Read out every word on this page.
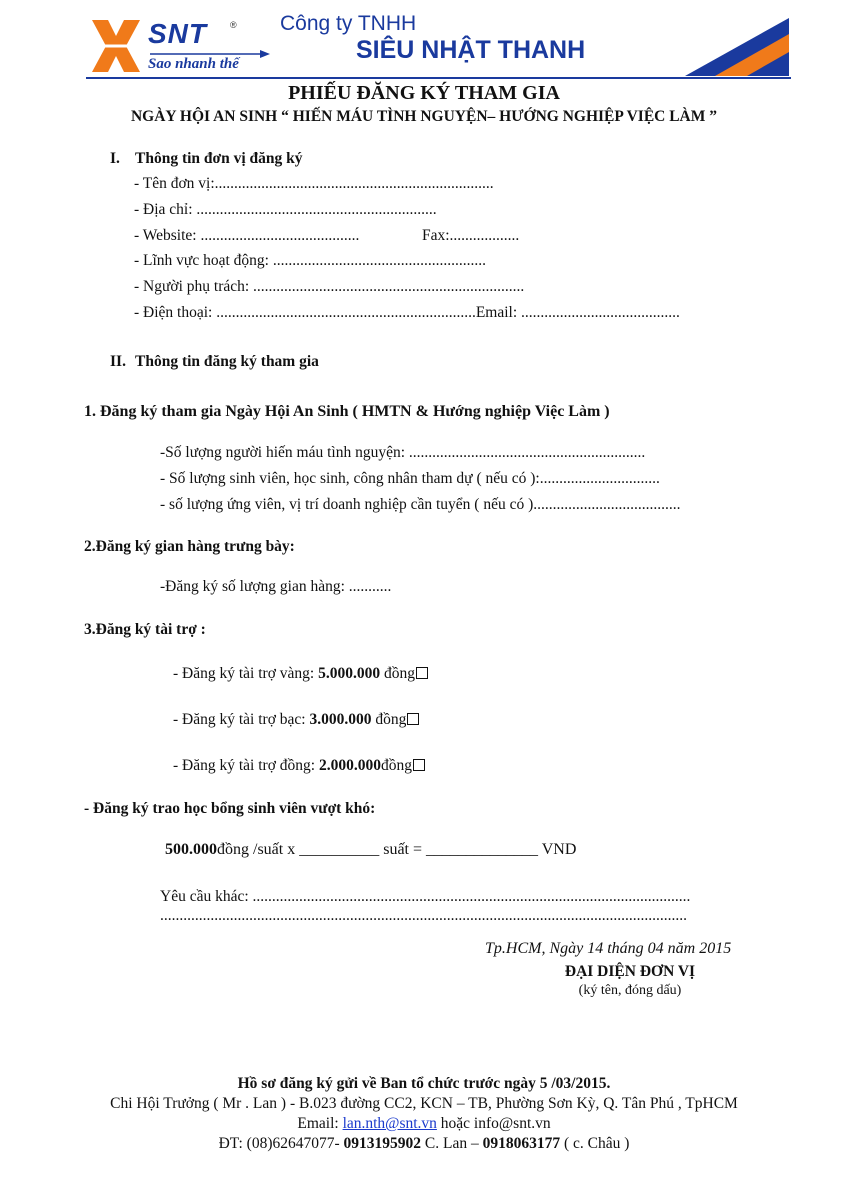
SNT	®
Sao nhanh thế
Công ty TNHH
SIÊU NHẬT THANH
PHIẾU ĐĂNG KÝ THAM GIA
NGÀY HỘI AN SINH “ HIẾN MÁU TÌNH NGUYỆN– HƯỚNG NGHIỆP VIỆC LÀM ”
I. Thông tin đơn vị đăng ký
- Tên đơn vị:........................................................................
- Địa chỉ: ..............................................................
- Website: .........................................	Fax:..................
- Lĩnh vực hoạt động: .......................................................
- Người phụ trách: ......................................................................
- Điện thoại: ...................................................................Email: .........................................
II. Thông tin đăng ký tham gia
1. Đăng ký tham gia Ngày Hội An Sinh ( HMTN & Hướng nghiệp Việc Làm )
-Số lượng người hiến máu tình nguyện: .............................................................
- Số lượng sinh viên, học sinh, công nhân tham dự ( nếu có ):...............................
- số lượng ứng viên, vị trí doanh nghiệp cần tuyển ( nếu có )......................................
2.Đăng ký gian hàng trưng bày:
-Đăng ký số lượng gian hàng: ...........
3.Đăng ký tài trợ :
- Đăng ký tài trợ vàng: 5.000.000 đồng
- Đăng ký tài trợ bạc: 3.000.000 đồng
- Đăng ký tài trợ đồng: 2.000.000đồng
- Đăng ký trao học bổng sinh viên vượt khó:
500.000đồng /suất x __________ suất = ______________ VND
Yêu cầu khác: .................................................................................................................
........................................................................................................................................
Tp.HCM, Ngày 14 tháng 04 năm 2015
ĐẠI DIỆN ĐƠN VỊ
(ký tên, đóng dấu)
Hồ sơ đăng ký gửi về Ban tổ chức trước ngày 5 /03/2015.
Chi Hội Trưởng ( Mr . Lan ) - B.023 đường CC2, KCN – TB, Phường Sơn Kỳ, Q. Tân Phú , TpHCM
Email: lan.nth@snt.vn hoặc info@snt.vn
ĐT: (08)62647077- 0913195902 C. Lan – 0918063177 ( c. Châu )
